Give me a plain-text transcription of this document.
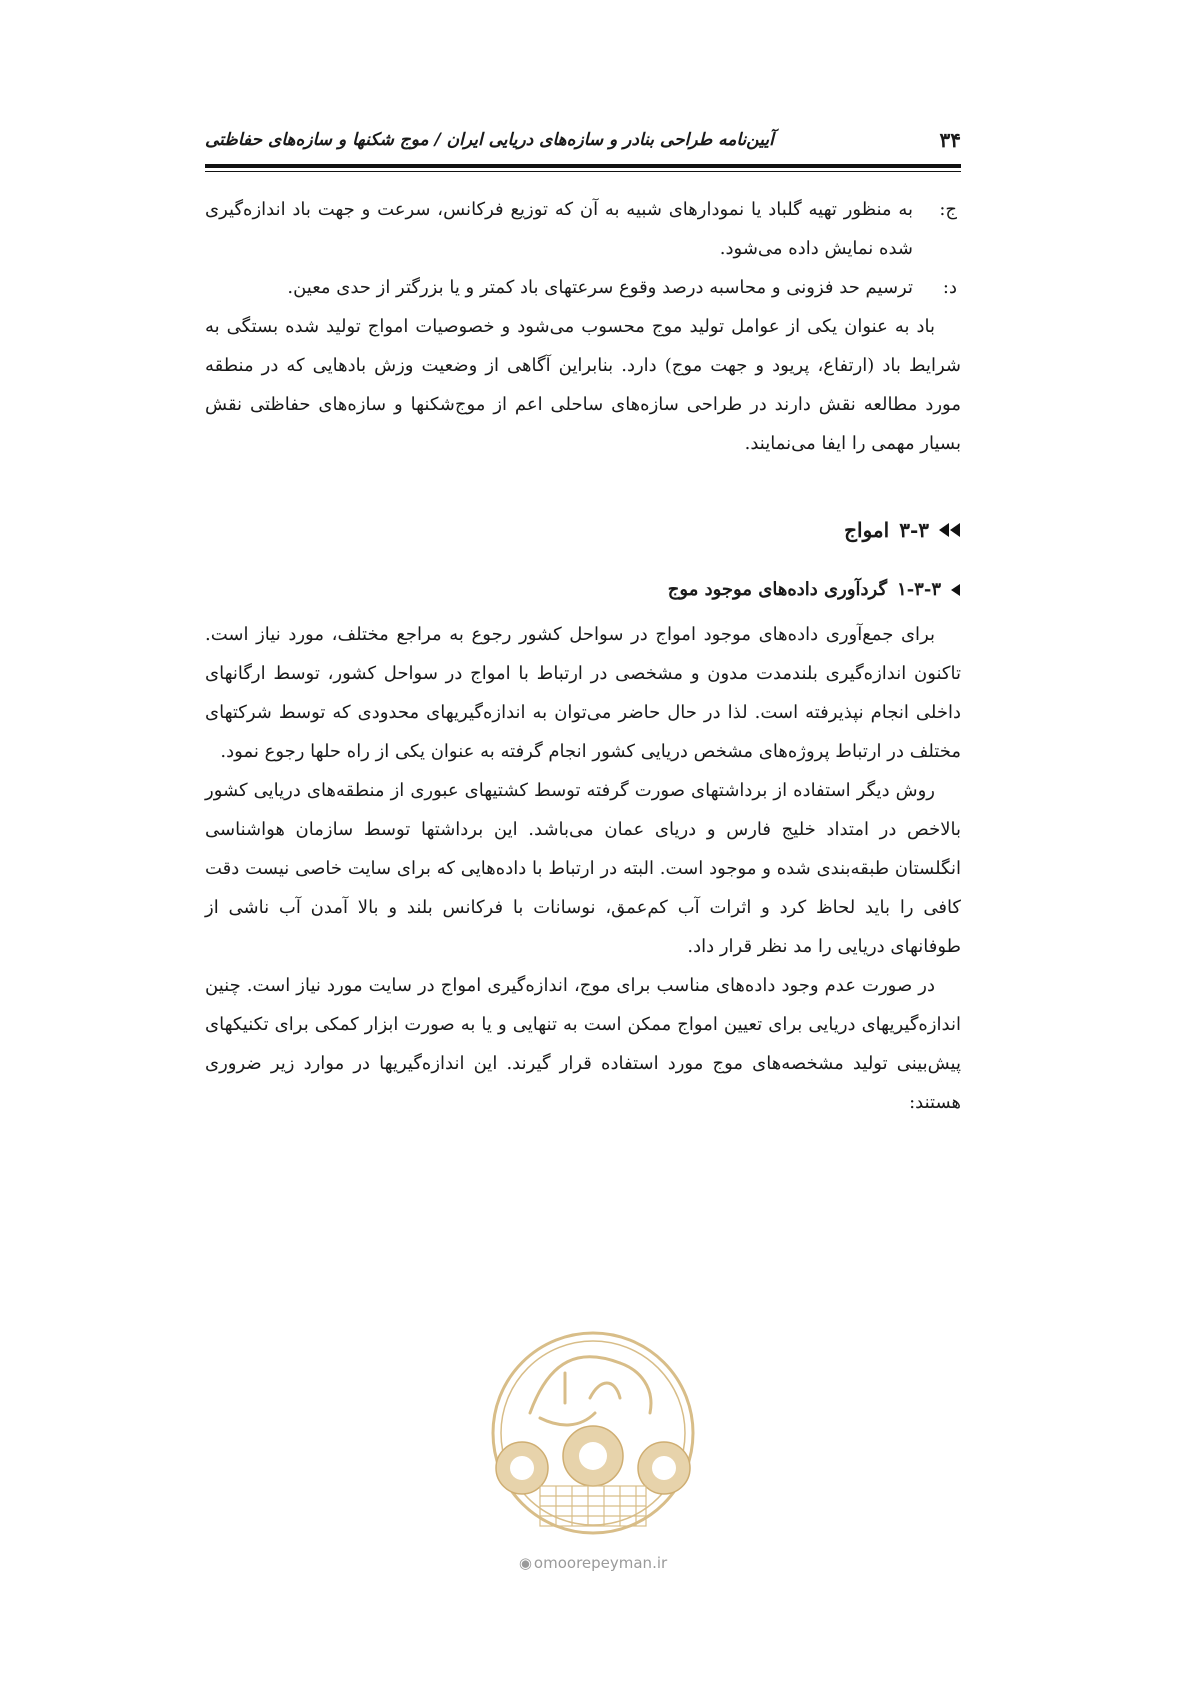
۳۴
آیین‌نامه طراحی بنادر و سازه‌های دریایی ایران / موج شکنها و سازه‌های حفاظتی

ج:
به منظور تهیه گلباد یا نمودارهای شبیه به آن که توزیع فرکانس، سرعت و جهت باد اندازه‌گیری شده نمایش داده می‌شود.

د:
ترسیم حد فزونی و محاسبه درصد وقوع سرعتهای باد کمتر و یا بزرگتر از حدی معین.

باد به عنوان یکی از عوامل تولید موج محسوب می‌شود و خصوصیات امواج تولید شده بستگی به شرایط باد (ارتفاع، پریود و جهت موج) دارد. بنابراین آگاهی از وضعیت وزش بادهایی که در منطقه مورد مطالعه نقش دارند در طراحی سازه‌های ساحلی اعم از موج‌شکنها و سازه‌های حفاظتی نقش بسیار مهمی را ایفا می‌نمایند.

۳-۳
امواج
۱-۳-۳
گردآوری داده‌های موجود موج

برای جمع‌آوری داده‌های موجود امواج در سواحل کشور رجوع به مراجع مختلف، مورد نیاز است. تاکنون اندازه‌گیری بلندمدت مدون و مشخصی در ارتباط با امواج در سواحل کشور، توسط ارگانهای داخلی انجام نپذیرفته است. لذا در حال حاضر می‌توان به اندازه‌گیریهای محدودی که توسط شرکتهای مختلف در ارتباط پروژه‌های مشخص دریایی کشور انجام گرفته به عنوان یکی از راه حلها رجوع نمود.

روش دیگر استفاده از برداشتهای صورت گرفته توسط کشتیهای عبوری از منطقه‌های دریایی کشور بالاخص در امتداد خلیج فارس و دریای عمان می‌باشد. این برداشتها توسط سازمان هواشناسی انگلستان طبقه‌بندی شده و موجود است. البته در ارتباط با داده‌هایی که برای سایت خاصی نیست دقت کافی را باید لحاظ کرد و اثرات آب کم‌عمق، نوسانات با فرکانس بلند و بالا آمدن آب ناشی از طوفانهای دریایی را مد نظر قرار داد.

در صورت عدم وجود داده‌های مناسب برای موج، اندازه‌گیری امواج در سایت مورد نیاز است. چنین اندازه‌گیریهای دریایی برای تعیین امواج ممکن است به تنهایی و یا به صورت ابزار کمکی برای تکنیکهای پیش‌بینی تولید مشخصه‌های موج مورد استفاده قرار گیرند. این اندازه‌گیریها در موارد زیر ضروری هستند:

◉ omoorepeyman.ir
